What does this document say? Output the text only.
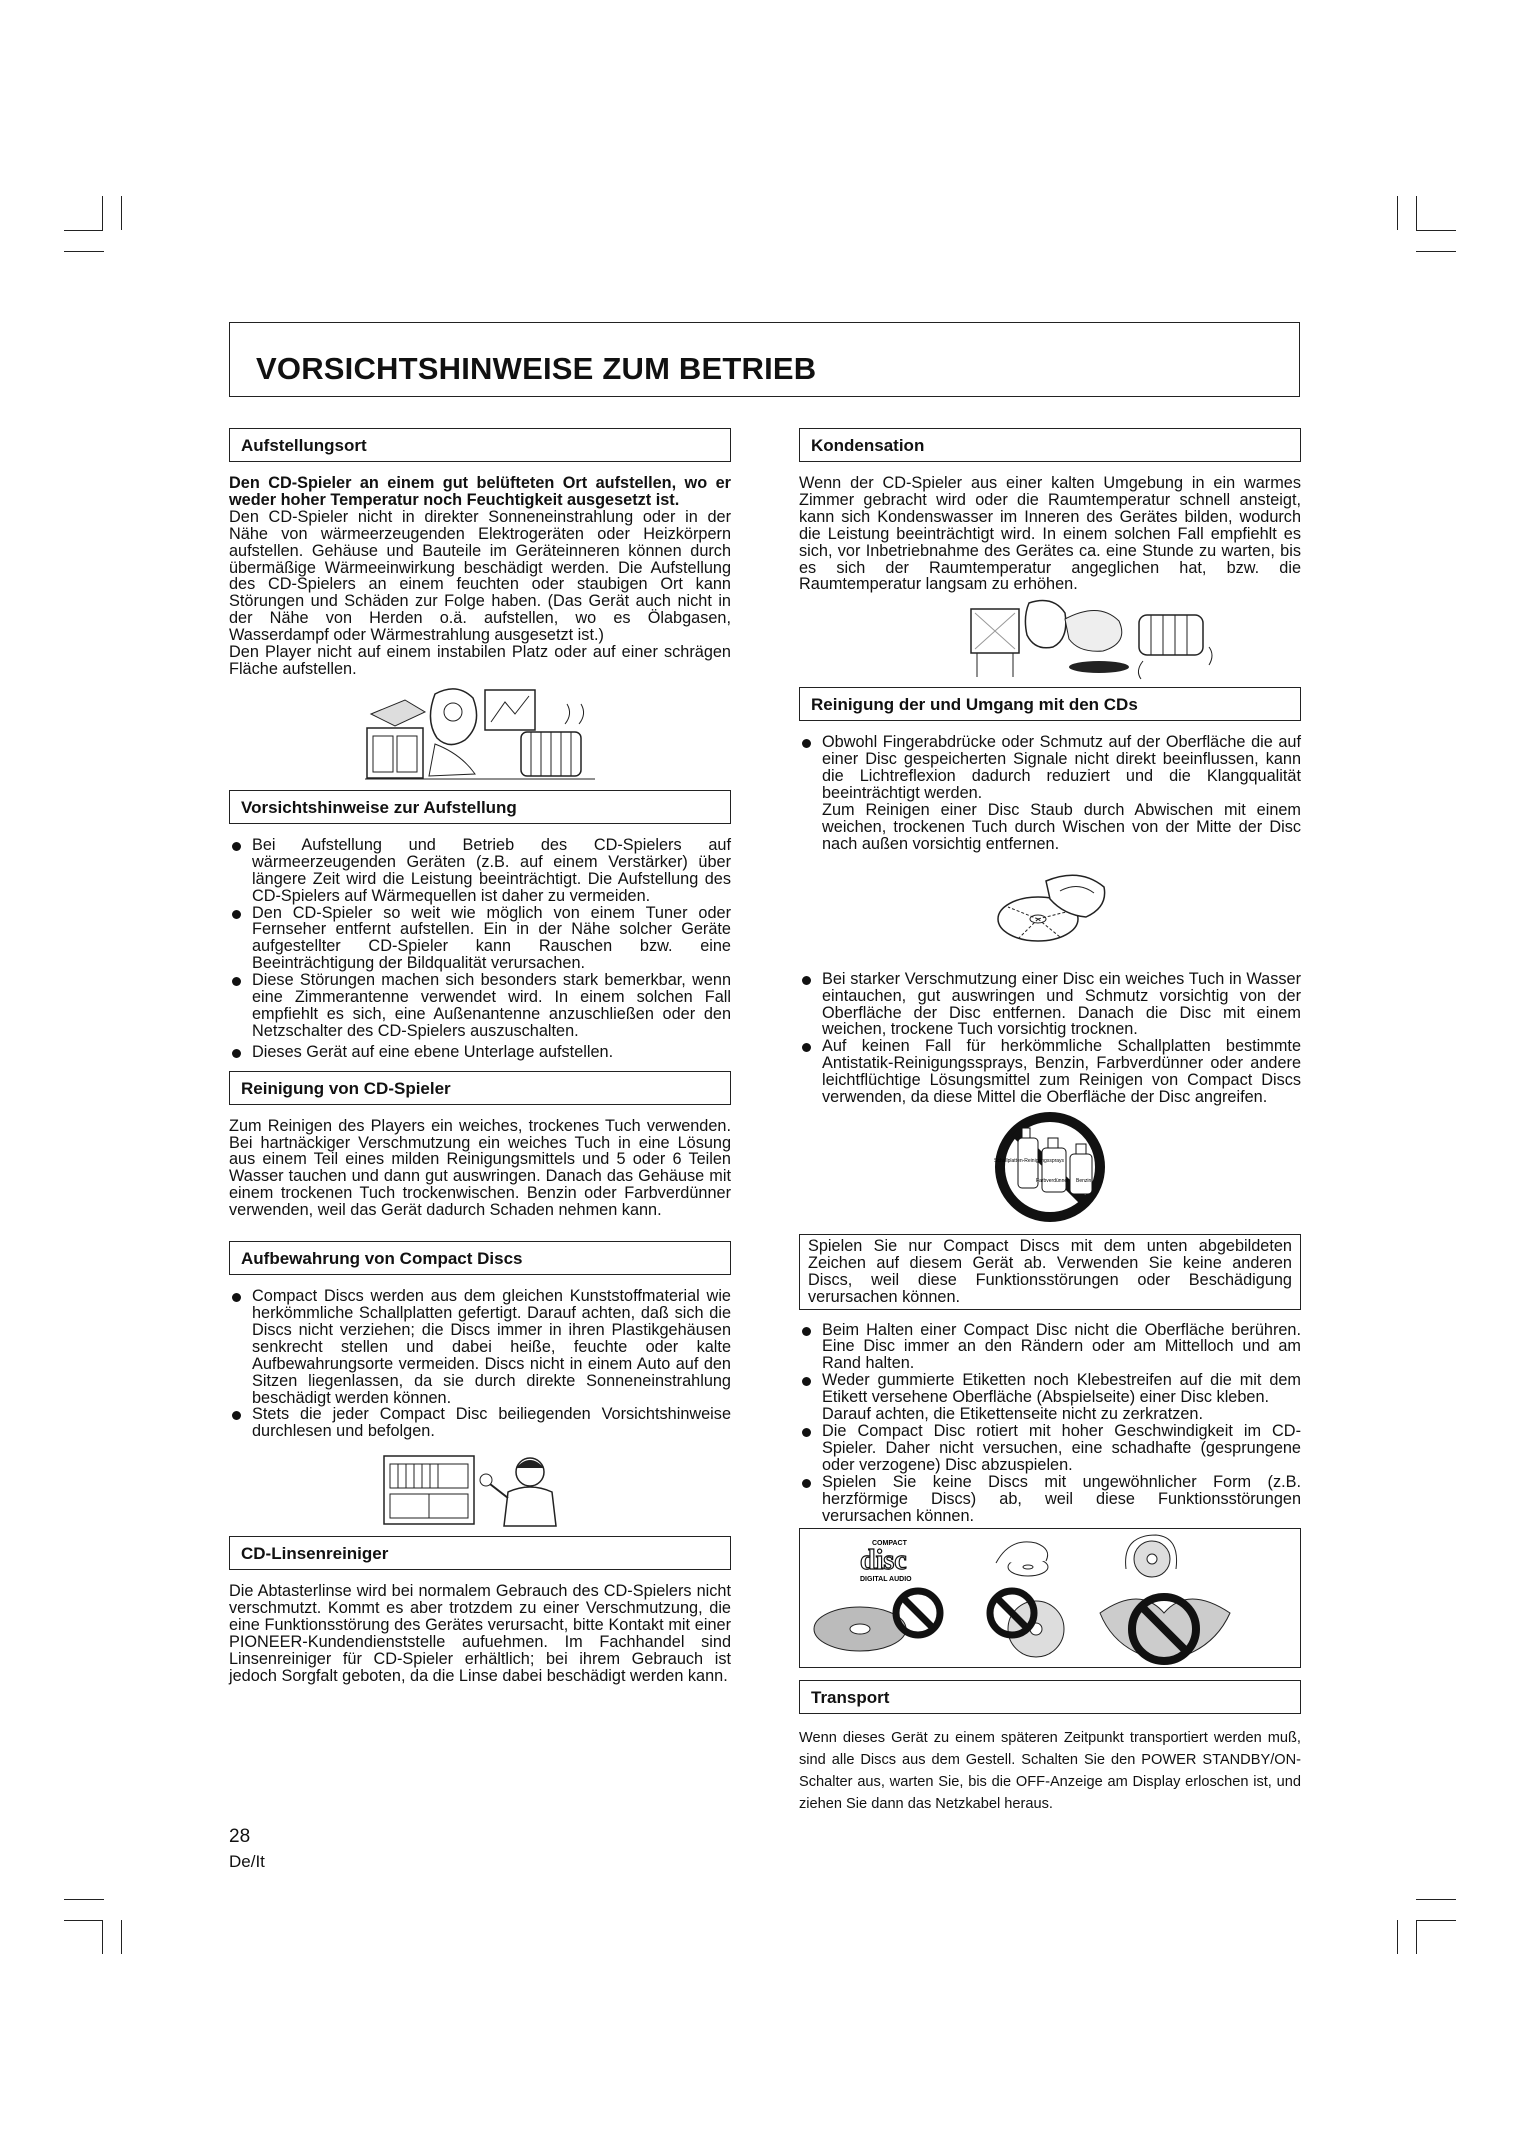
VORSICHTSHINWEISE ZUM BETRIEB
Aufstellungsort

Den CD-Spieler an einem gut belüfteten Ort aufstellen, wo er weder hoher Temperatur noch Feuchtigkeit ausgesetzt ist.

Den CD-Spieler nicht in direkter Sonneneinstrahlung oder in der Nähe von wärmeerzeugenden Elektrogeräten oder Heizkörpern aufstellen. Gehäuse und Bauteile im Geräteinneren können durch übermäßige Wärmeeinwirkung beschädigt werden. Die Aufstellung des CD-Spielers an einem feuchten oder staubigen Ort kann Störungen und Schäden zur Folge haben. (Das Gerät auch nicht in der Nähe von Herden o.ä. aufstellen, wo es Ölabgasen, Wasserdampf oder Wärmestrahlung ausgesetzt ist.)

Den Player nicht auf einem instabilen Platz oder auf einer schrägen Fläche aufstellen.

Vorsichtshinweise zur Aufstellung
Bei Aufstellung und Betrieb des CD-Spielers auf wärmeerzeugenden Geräten (z.B. auf einem Verstärker) über längere Zeit wird die Leistung beeinträchtigt. Die Aufstellung des CD-Spielers auf Wärmequellen ist daher zu vermeiden.
Den CD-Spieler so weit wie möglich von einem Tuner oder Fernseher entfernt aufstellen. Ein in der Nähe solcher Geräte aufgestellter CD-Spieler kann Rauschen bzw. eine Beeinträchtigung der Bildqualität verursachen.
Diese Störungen machen sich besonders stark bemerkbar, wenn eine Zimmerantenne verwendet wird. In einem solchen Fall empfiehlt es sich, eine Außenantenne anzuschließen oder den Netzschalter des CD-Spielers auszuschalten.
Dieses Gerät auf eine ebene Unterlage aufstellen.
Reinigung von CD-Spieler

Zum Reinigen des Players ein weiches, trockenes Tuch verwenden. Bei hartnäckiger Verschmutzung ein weiches Tuch in eine Lösung aus einem Teil eines milden Reinigungsmittels und 5 oder 6 Teilen Wasser tauchen und dann gut auswringen. Danach das Gehäuse mit einem trockenen Tuch trockenwischen. Benzin oder Farbverdünner verwenden, weil das Gerät dadurch Schaden nehmen kann.

Aufbewahrung von Compact Discs
Compact Discs werden aus dem gleichen Kunststoffmaterial wie herkömmliche Schallplatten gefertigt. Darauf achten, daß sich die Discs nicht verziehen; die Discs immer in ihren Plastikgehäusen senkrecht stellen und dabei heiße, feuchte oder kalte Aufbewahrungsorte vermeiden. Discs nicht in einem Auto auf den Sitzen liegenlassen, da sie durch direkte Sonneneinstrahlung beschädigt werden können.
Stets die jeder Compact Disc beiliegenden Vorsichtshinweise durchlesen und befolgen.
CD-Linsenreiniger

Die Abtasterlinse wird bei normalem Gebrauch des CD-Spielers nicht verschmutzt. Kommt es aber trotzdem zu einer Verschmutzung, die eine Funktionsstörung des Gerätes verursacht, bitte Kontakt mit einer PIONEER-Kundendienststelle aufuehmen. Im Fachhandel sind Linsenreiniger für CD-Spieler erhältlich; bei ihrem Gebrauch ist jedoch Sorgfalt geboten, da die Linse dabei beschädigt werden kann.

Kondensation

Wenn der CD-Spieler aus einer kalten Umgebung in ein warmes Zimmer gebracht wird oder die Raumtemperatur schnell ansteigt, kann sich Kondenswasser im Inneren des Gerätes bilden, wodurch die Leistung beeinträchtigt wird. In einem solchen Fall empfiehlt es sich, vor Inbetriebnahme des Gerätes ca. eine Stunde zu warten, bis es sich der Raumtemperatur angeglichen hat, bzw. die Raumtemperatur langsam zu erhöhen.

Reinigung der und Umgang mit den CDs
Obwohl Fingerabdrücke oder Schmutz auf der Oberfläche die auf einer Disc gespeicherten Signale nicht direkt beeinflussen, kann die Lichtreflexion dadurch reduziert und die Klangqualität beeinträchtigt werden.
Zum Reinigen einer Disc Staub durch Abwischen mit einem weichen, trockenen Tuch durch Wischen von der Mitte der Disc nach außen vorsichtig entfernen.
Bei starker Verschmutzung einer Disc ein weiches Tuch in Wasser eintauchen, gut auswringen und Schmutz vorsichtig von der Oberfläche der Disc entfernen. Danach die Disc mit einem weichen, trockene Tuch vorsichtig trocknen.
Auf keinen Fall für herkömmliche Schallplatten bestimmte Antistatik-Reinigungssprays, Benzin, Farbverdünner oder andere leichtflüchtige Lösungsmittel zum Reinigen von Compact Discs verwenden, da diese Mittel die Oberfläche der Disc angreifen.
Schallplatten-Reinigungssprays
Farbverdünner Benzin
Spielen Sie nur Compact Discs mit dem unten abgebildeten Zeichen auf diesem Gerät ab. Verwenden Sie keine anderen Discs, weil diese Funktionsstörungen oder Beschädigung verursachen können.
Beim Halten einer Compact Disc nicht die Oberfläche berühren. Eine Disc immer an den Rändern oder am Mittelloch und am Rand halten.
Weder gummierte Etiketten noch Klebestreifen auf die mit dem Etikett versehene Oberfläche (Abspielseite) einer Disc kleben.
Darauf achten, die Etikettenseite nicht zu zerkratzen.
Die Compact Disc rotiert mit hoher Geschwindigkeit im CD-Spieler. Daher nicht versuchen, eine schadhafte (gesprungene oder verzogene) Disc abzuspielen.
Spielen Sie keine Discs mit ungewöhnlicher Form (z.B. herzförmige Discs) ab, weil diese Funktionsstörungen verursachen können.
COMPACT
disc
DIGITAL AUDIO
Transport

Wenn dieses Gerät zu einem späteren Zeitpunkt transportiert werden muß, sind alle Discs aus dem Gestell. Schalten Sie den POWER STANDBY/ON-Schalter aus, warten Sie, bis die OFF-Anzeige am Display erloschen ist, und ziehen Sie dann das Netzkabel heraus.

28
De/It
